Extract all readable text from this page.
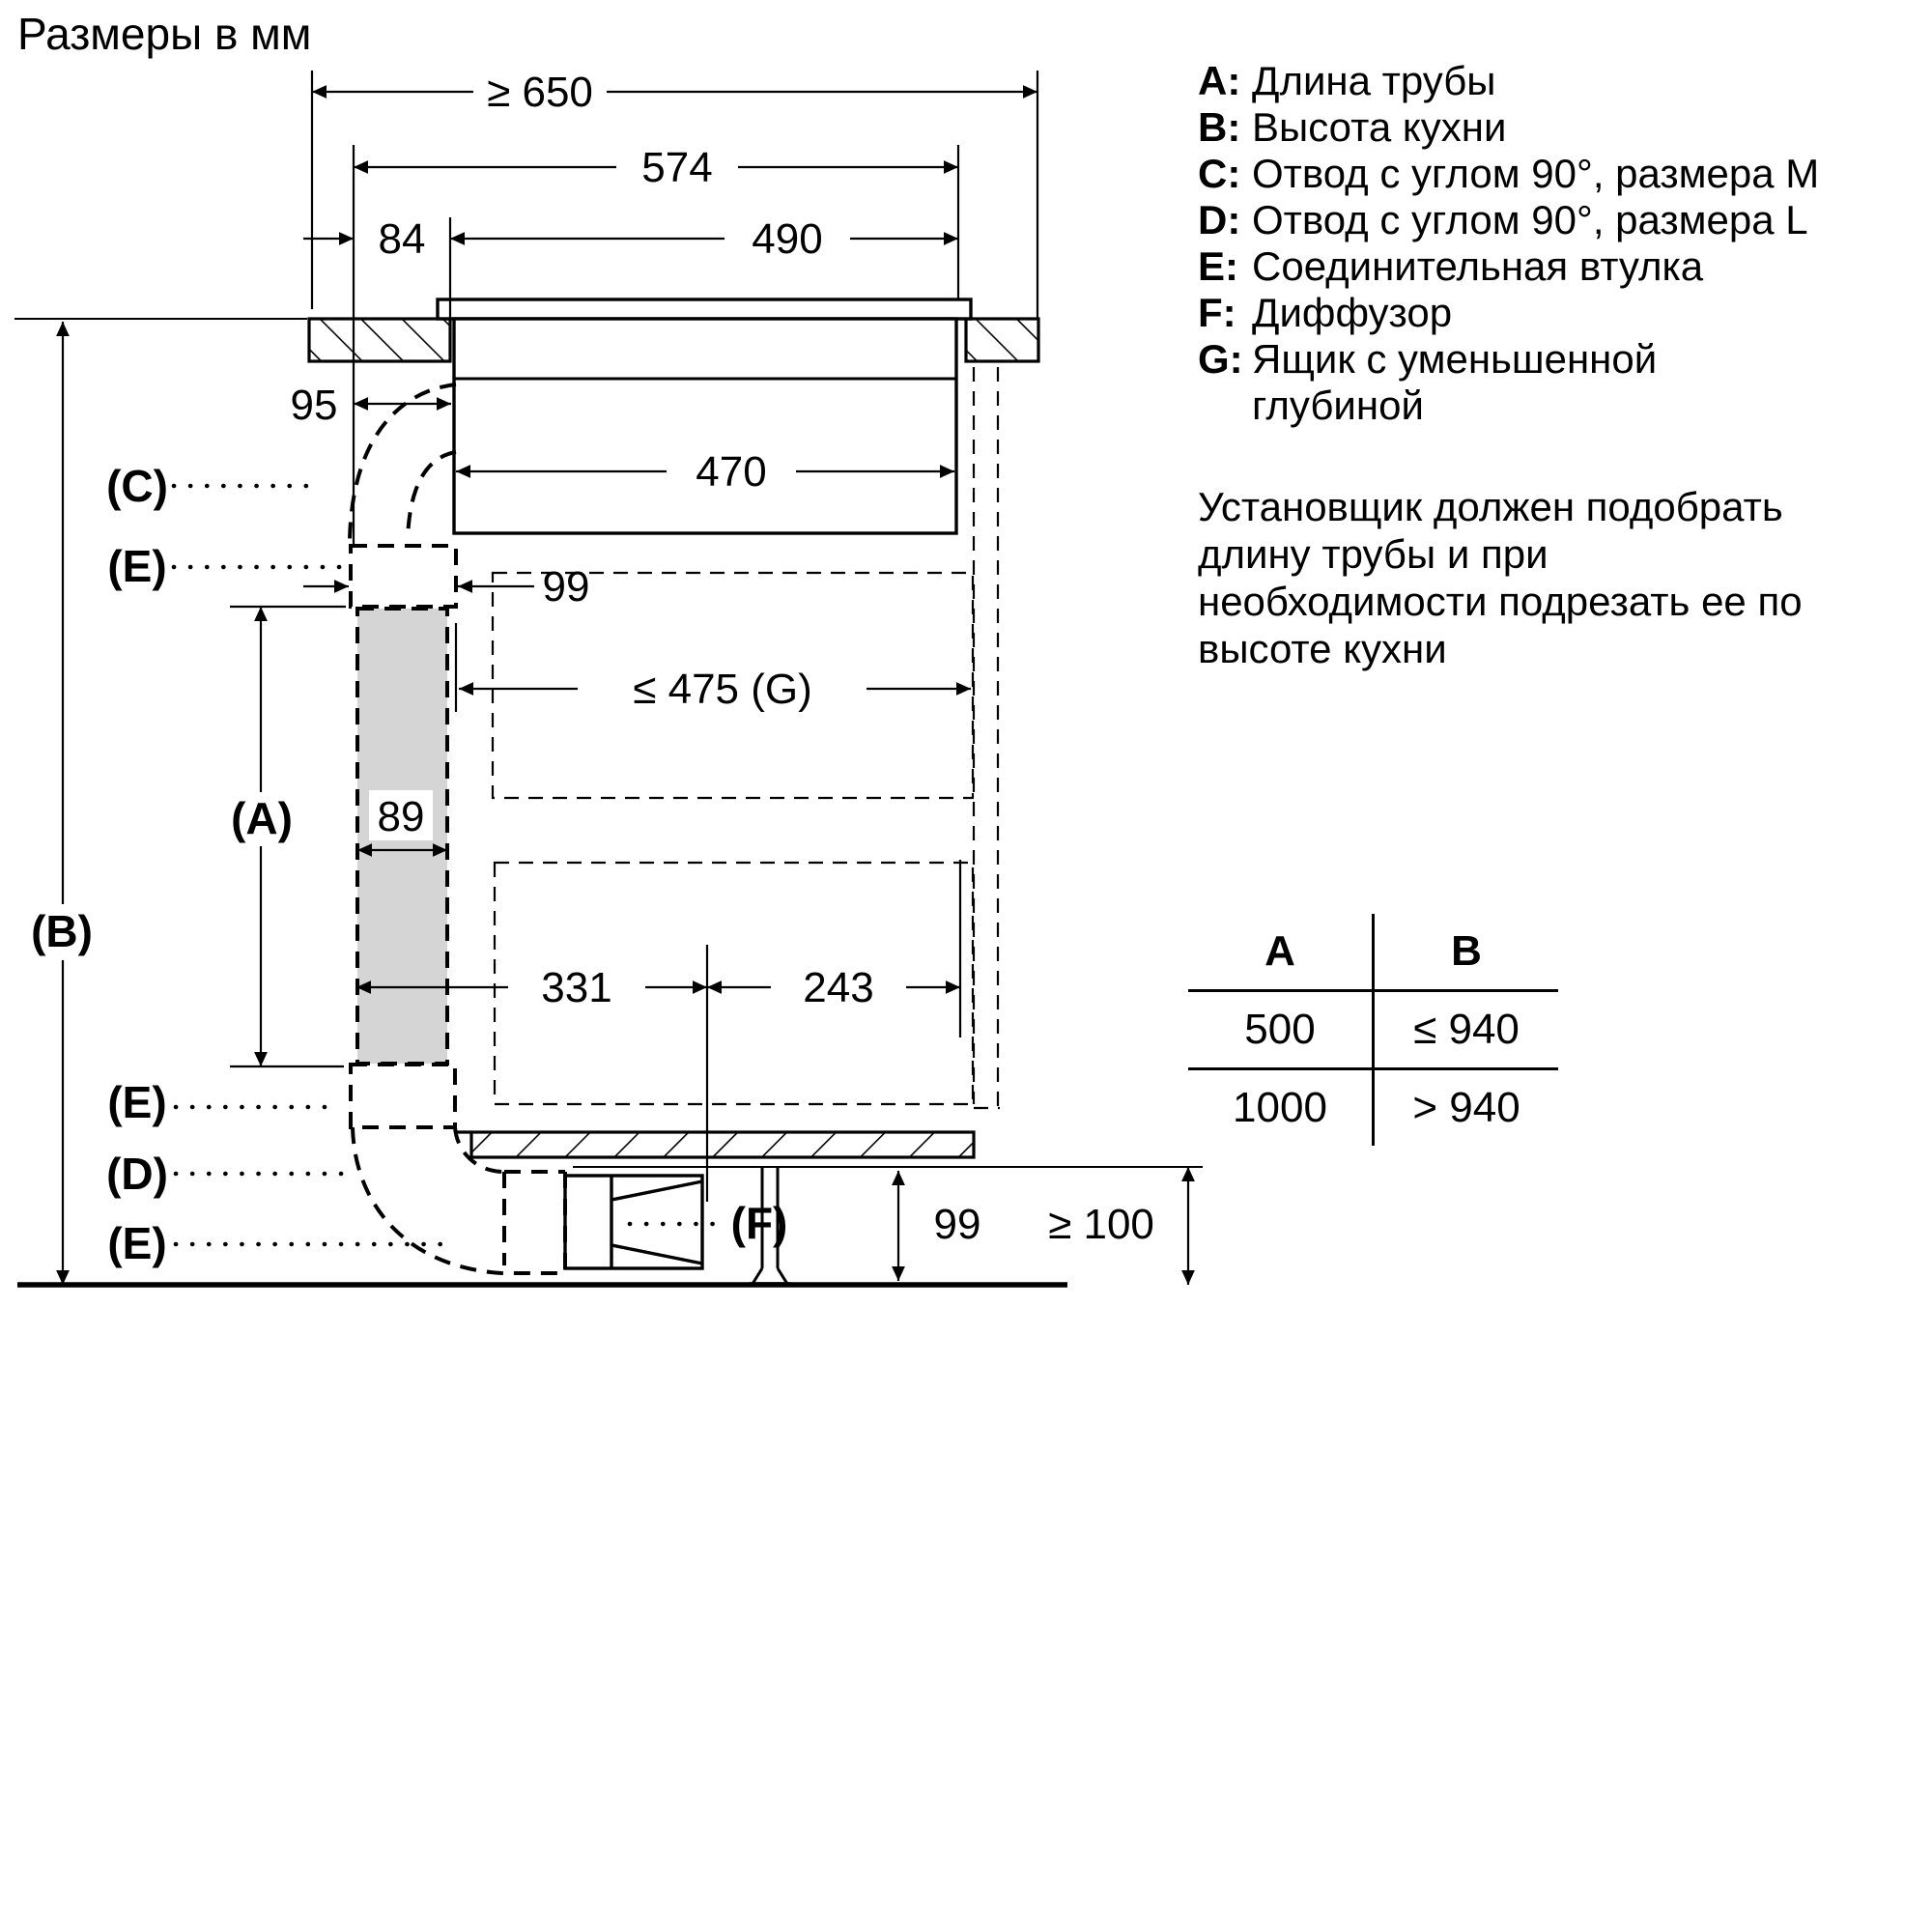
Размеры в мм
≥ 650
574
84	490
95
470
99
≤ 475 (G)
89
331	243
99 ≥ 100
(C)
(E)
(A)
(B)
(E)
(D)
(E)	(F)
A: Длина трубы
B: Высота кухни
C: Отвод с углом 90°, размера M
D: Отвод с углом 90°, размера L
E: Соединительная втулка
F: Диффузор
G: Ящик с уменьшенной
глубиной
Установщик должен подобрать
длину трубы и при
необходимости подрезать ее по
высоте кухни
A	B
500	≤ 940
1000	> 940
